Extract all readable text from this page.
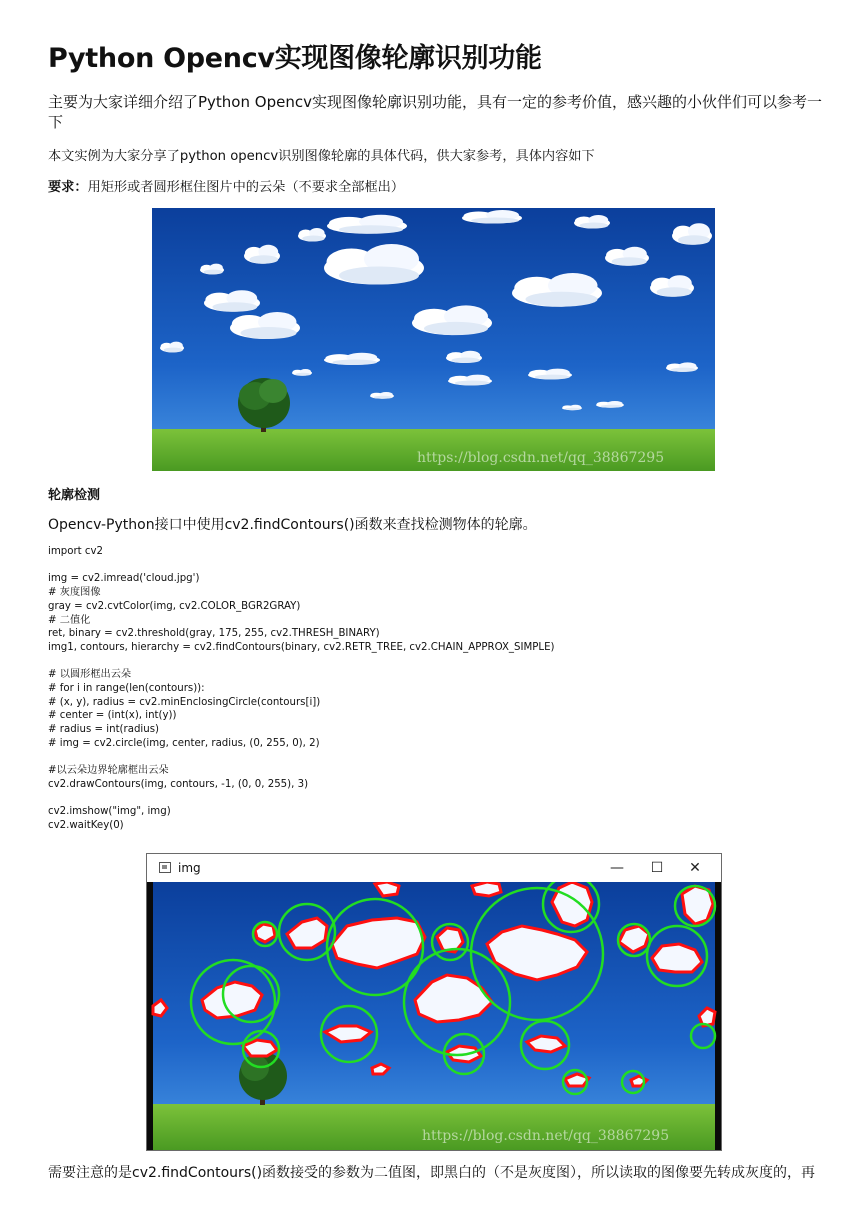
Python Opencv实现图像轮廓识别功能

主要为大家详细介绍了Python Opencv实现图像轮廓识别功能，具有一定的参考价值，感兴趣的小伙伴们可以参考一下

本文实例为大家分享了python opencv识别图像轮廓的具体代码，供大家参考，具体内容如下

要求：用矩形或者圆形框住图片中的云朵（不要求全部框出）

https://blog.csdn.net/qq_38867295

轮廓检测

Opencv-Python接口中使用cv2.findContours()函数来查找检测物体的轮廓。

import cv2

img = cv2.imread('cloud.jpg')
# 灰度图像
gray = cv2.cvtColor(img, cv2.COLOR_BGR2GRAY)
# 二值化
ret, binary = cv2.threshold(gray, 175, 255, cv2.THRESH_BINARY)
img1, contours, hierarchy = cv2.findContours(binary, cv2.RETR_TREE, cv2.CHAIN_APPROX_SIMPLE)

# 以圆形框出云朵
# for i in range(len(contours)):
# (x, y), radius = cv2.minEnclosingCircle(contours[i])
# center = (int(x), int(y))
# radius = int(radius)
# img = cv2.circle(img, center, radius, (0, 255, 0), 2)

#以云朵边界轮廓框出云朵
cv2.drawContours(img, contours, -1, (0, 0, 255), 3)

cv2.imshow("img", img)
cv2.waitKey(0)
img	—	☐	✕
https://blog.csdn.net/qq_38867295

需要注意的是cv2.findContours()函数接受的参数为二值图，即黑白的（不是灰度图），所以读取的图像要先转成灰度的，再
